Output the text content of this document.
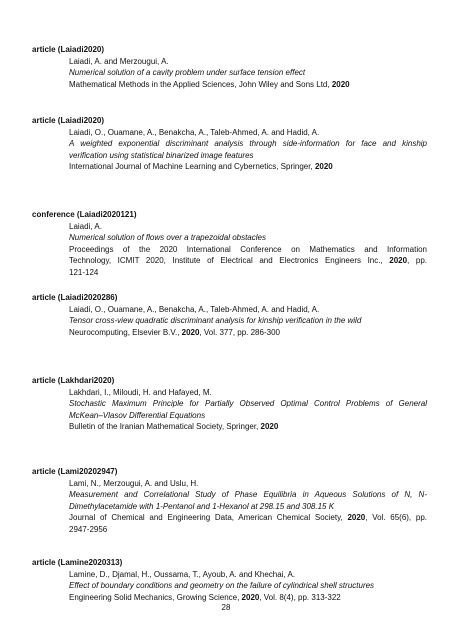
article (Laiadi2020)
Laiadi, A. and Merzougui, A.
Numerical solution of a cavity problem under surface tension effect
Mathematical Methods in the Applied Sciences, John Wiley and Sons Ltd, 2020
article (Laiadi2020)
Laiadi, O., Ouamane, A., Benakcha, A., Taleb-Ahmed, A. and Hadid, A.
A weighted exponential discriminant analysis through side-information for face and kinship
verification using statistical binarized image features
International Journal of Machine Learning and Cybernetics, Springer, 2020
conference (Laiadi2020121)
Laiadi, A.
Numerical solution of flows over a trapezoidal obstacles
Proceedings of the 2020 International Conference on Mathematics and Information
Technology, ICMIT 2020, Institute of Electrical and Electronics Engineers Inc., 2020, pp.
121-124
article (Laiadi2020286)
Laiadi, O., Ouamane, A., Benakcha, A., Taleb-Ahmed, A. and Hadid, A.
Tensor cross-view quadratic discriminant analysis for kinship verification in the wild
Neurocomputing, Elsevier B.V., 2020, Vol. 377, pp. 286-300
article (Lakhdari2020)
Lakhdari, I., Miloudi, H. and Hafayed, M.
Stochastic Maximum Principle for Partially Observed Optimal Control Problems of General
McKean–Vlasov Differential Equations
Bulletin of the Iranian Mathematical Society, Springer, 2020
article (Lami20202947)
Lami, N., Merzougui, A. and Uslu, H.
Measurement and Correlational Study of Phase Equilibria in Aqueous Solutions of N, N-
Dimethylacetamide with 1-Pentanol and 1-Hexanol at 298.15 and 308.15 K
Journal of Chemical and Engineering Data, American Chemical Society, 2020, Vol. 65(6), pp.
2947-2956
article (Lamine2020313)
Lamine, D., Djamal, H., Oussama, T., Ayoub, A. and Khechai, A.
Effect of boundary conditions and geometry on the failure of cylindrical shell structures
Engineering Solid Mechanics, Growing Science, 2020, Vol. 8(4), pp. 313-322
28
